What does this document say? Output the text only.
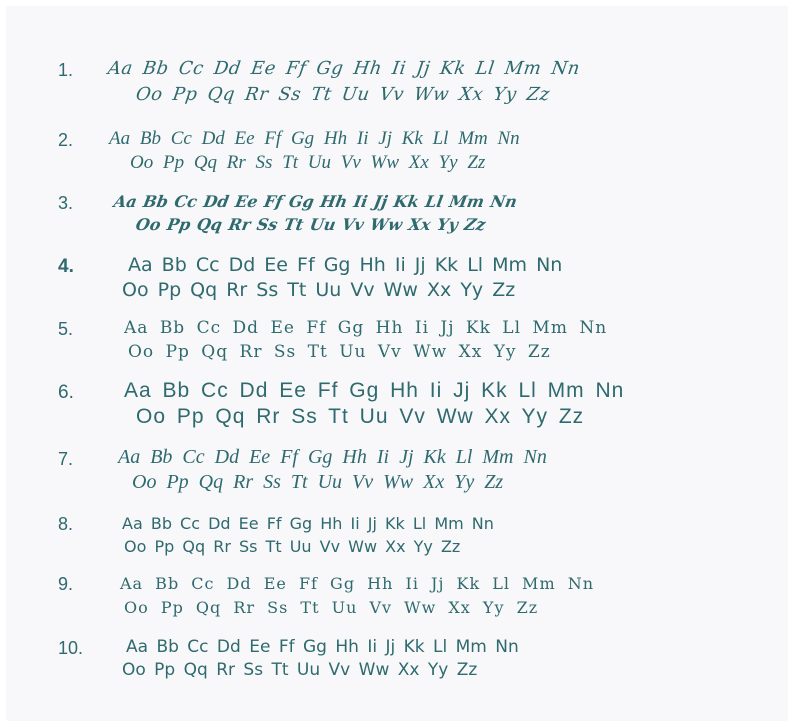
1. Aa Bb Cc Dd Ee Ff Gg Hh Ii Jj Kk Ll Mm Nn
Oo Pp Qq Rr Ss Tt Uu Vv Ww Xx Yy Zz
2. Aa Bb Cc Dd Ee Ff Gg Hh Ii Jj Kk Ll Mm Nn
Oo Pp Qq Rr Ss Tt Uu Vv Ww Xx Yy Zz
3. Aa Bb Cc Dd Ee Ff Gg Hh Ii Jj Kk Ll Mm Nn
Oo Pp Qq Rr Ss Tt Uu Vv Ww Xx Yy Zz
4.	Aa Bb Cc Dd Ee Ff Gg Hh Ii Jj Kk Ll Mm Nn
Oo Pp Qq Rr Ss Tt Uu Vv Ww Xx Yy Zz
5.	Aa Bb Cc Dd Ee Ff Gg Hh Ii Jj Kk Ll Mm Nn
Oo Pp Qq Rr Ss Tt Uu Vv Ww Xx Yy Zz
6. Aa Bb Cc Dd Ee Ff Gg Hh Ii Jj Kk Ll Mm Nn
Oo Pp Qq Rr Ss Tt Uu Vv Ww Xx Yy Zz
7. Aa Bb Cc Dd Ee Ff Gg Hh Ii Jj Kk Ll Mm Nn
Oo Pp Qq Rr Ss Tt Uu Vv Ww Xx Yy Zz
8.	Aa Bb Cc Dd Ee Ff Gg Hh Ii Jj Kk Ll Mm Nn
Oo Pp Qq Rr Ss Tt Uu Vv Ww Xx Yy Zz
9.	Aa Bb Cc Dd Ee Ff Gg Hh Ii Jj Kk Ll Mm Nn
Oo Pp Qq Rr Ss Tt Uu Vv Ww Xx Yy Zz
10.	Aa Bb Cc Dd Ee Ff Gg Hh Ii Jj Kk Ll Mm Nn
Oo Pp Qq Rr Ss Tt Uu Vv Ww Xx Yy Zz
